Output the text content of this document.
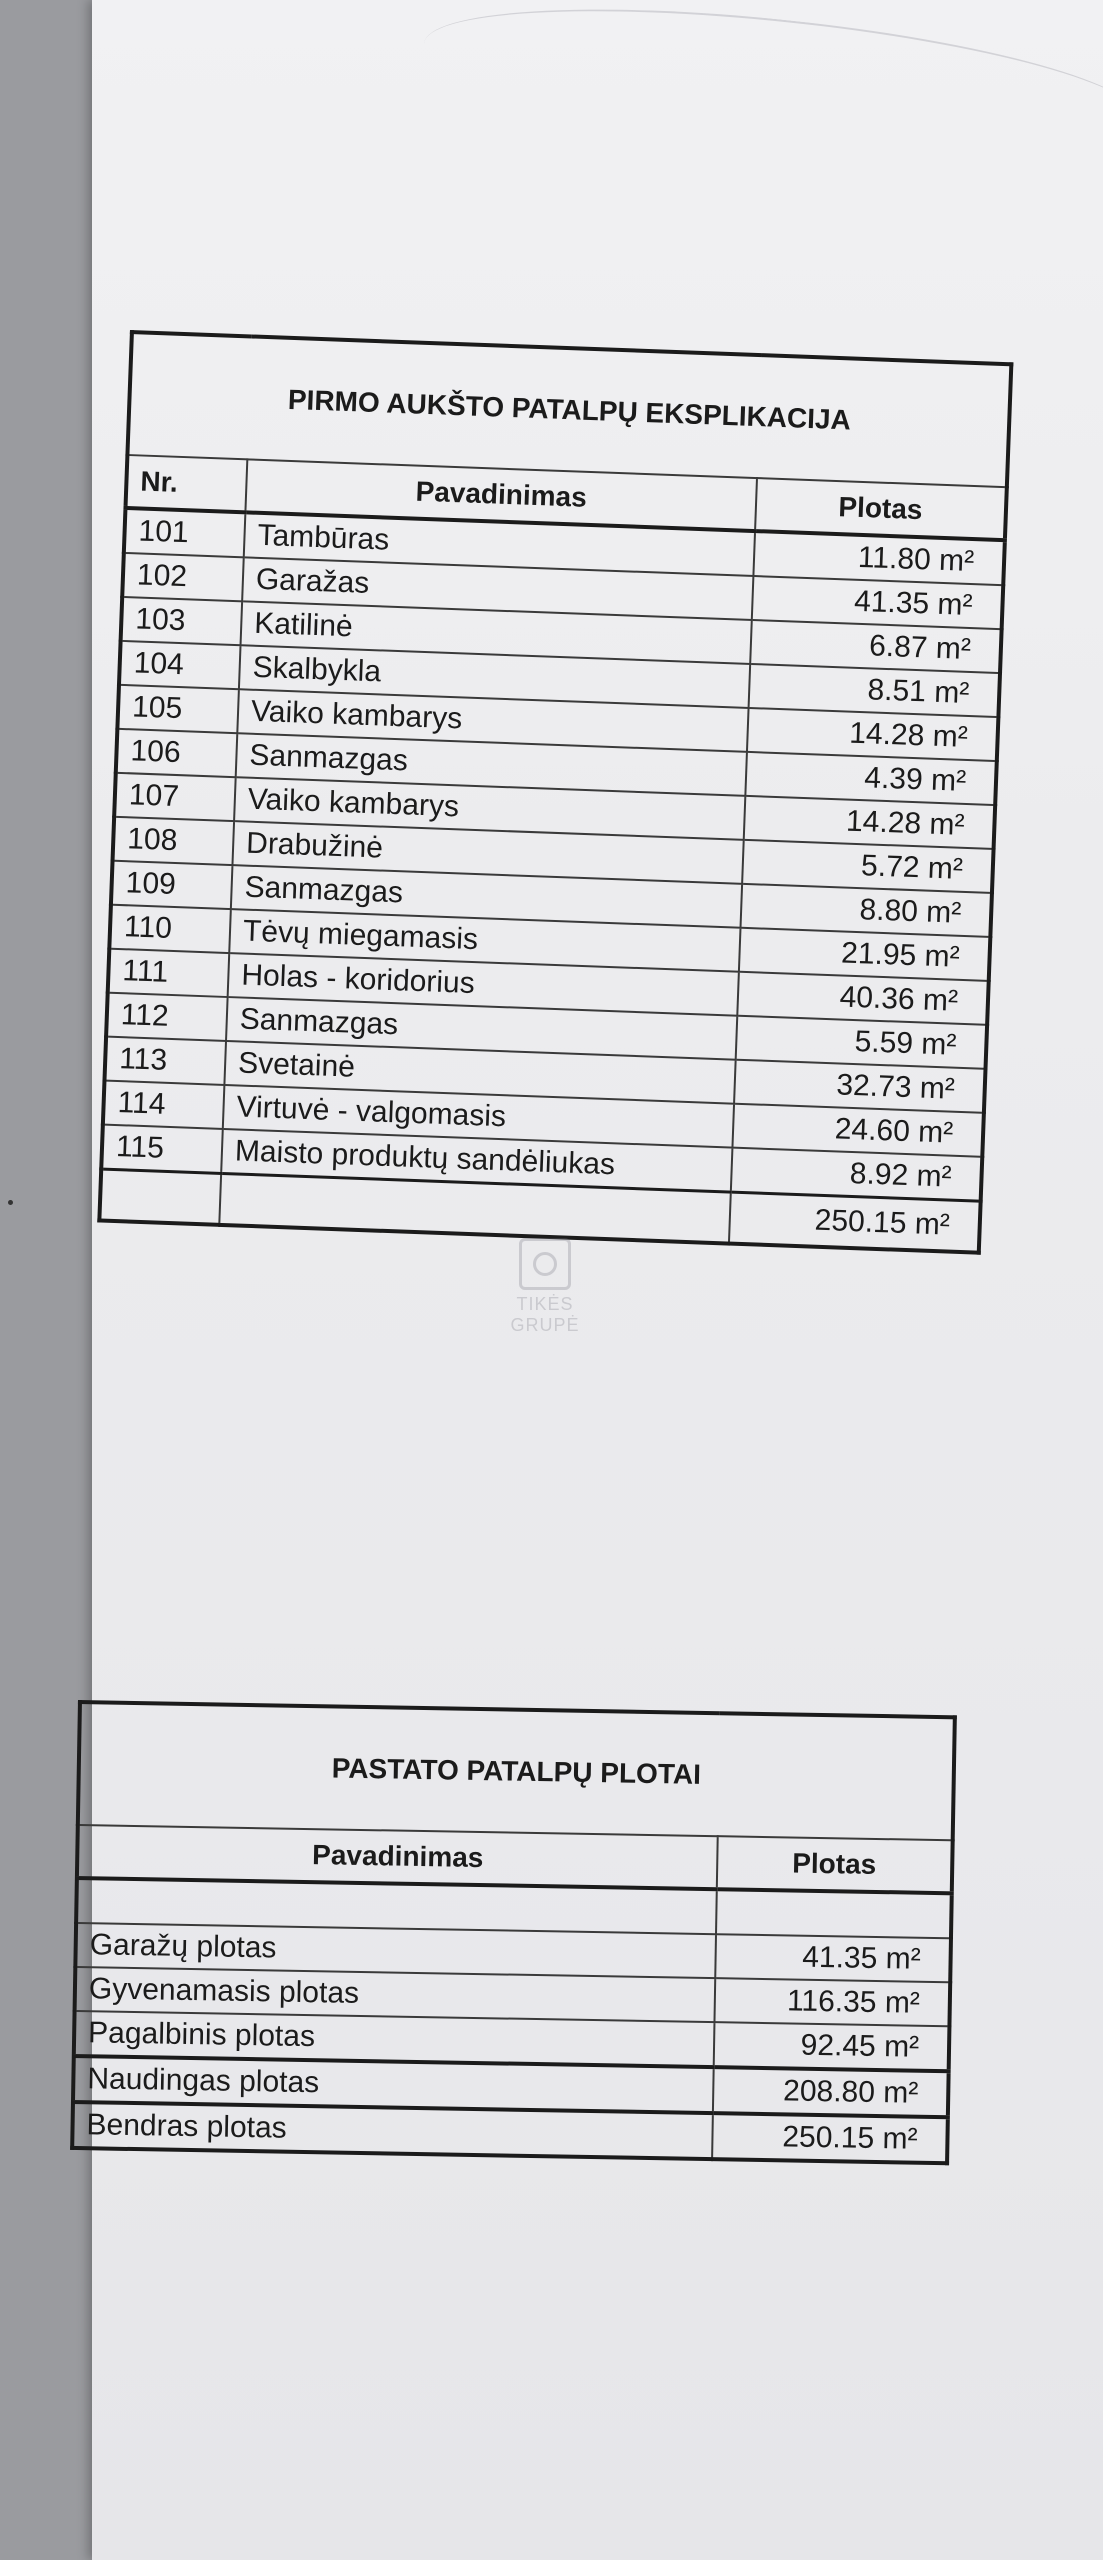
PIRMO AUKŠTO PATALPŲ EKSPLIKACIJA		
Nr.	Pavadinimas	Plotas
101	Tambūras	11.80 m²
102	Garažas	41.35 m²
103	Katilinė	6.87 m²
104	Skalbykla	8.51 m²
105	Vaiko kambarys	14.28 m²
106	Sanmazgas	4.39 m²
107	Vaiko kambarys	14.28 m²
108	Drabužinė	5.72 m²
109	Sanmazgas	8.80 m²
110	Tėvų miegamasis	21.95 m²
111	Holas - koridorius	40.36 m²
112	Sanmazgas	5.59 m²
113	Svetainė	32.73 m²
114	Virtuvė - valgomasis	24.60 m²
115	Maisto produktų sandėliukas	8.92 m²
		250.15 m²
TIKĖS GRUPĖ
PASTATO PATALPŲ PLOTAI	
Pavadinimas	Plotas

Garažų plotas	41.35 m²
Gyvenamasis plotas	116.35 m²
Pagalbinis plotas	92.45 m²
Naudingas plotas	208.80 m²
Bendras plotas	250.15 m²
